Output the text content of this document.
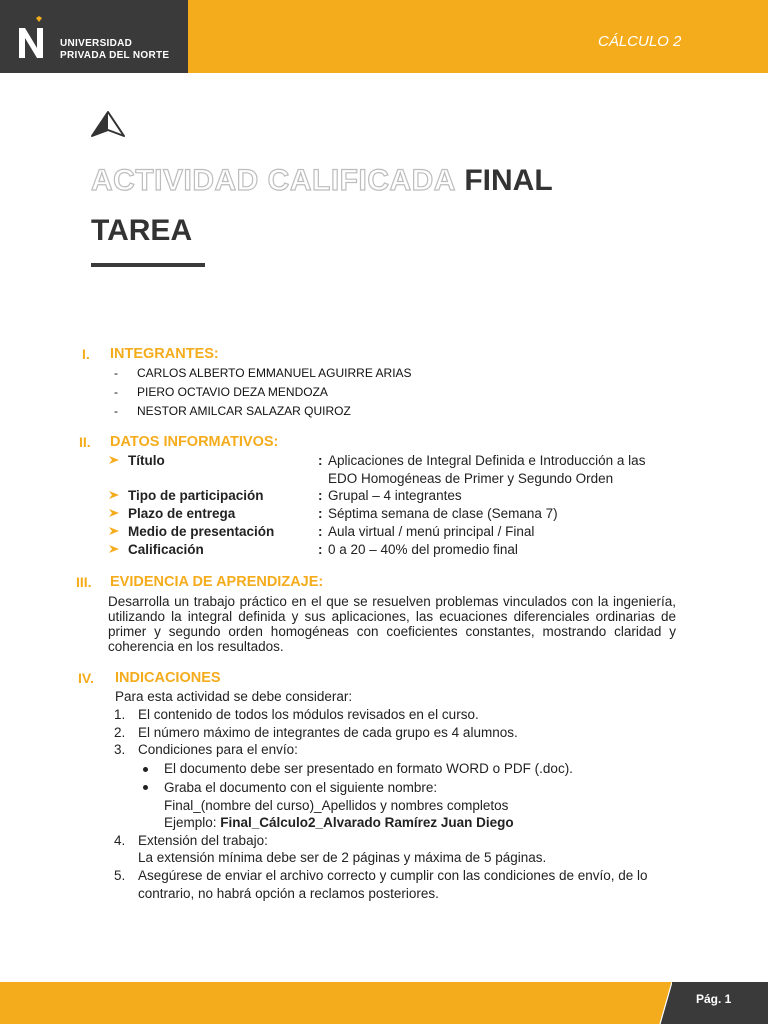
UNIVERSIDAD
PRIVADA DEL NORTE
CÁLCULO 2
ACTIVIDAD CALIFICADA FINAL
TAREA
I. INTEGRANTES:
- CARLOS ALBERTO EMMANUEL AGUIRRE ARIAS
- PIERO OCTAVIO DEZA MENDOZA
- NESTOR AMILCAR SALAZAR QUIROZ
II. DATOS INFORMATIVOS:
Título	: Aplicaciones de Integral Definida e Introducción a las
EDO Homogéneas de Primer y Segundo Orden
Tipo de participación	: Grupal – 4 integrantes
Plazo de entrega	: Séptima semana de clase (Semana 7)
Medio de presentación	: Aula virtual / menú principal / Final
Calificación	: 0 a 20 – 40% del promedio final
III. EVIDENCIA DE APRENDIZAJE:
Desarrolla un trabajo práctico en el que se resuelven problemas vinculados con la ingeniería, utilizando la integral definida y sus aplicaciones, las ecuaciones diferenciales ordinarias de primer y segundo orden homogéneas con coeficientes constantes, mostrando claridad y coherencia en los resultados.
IV. INDICACIONES
Para esta actividad se debe considerar:
1. El contenido de todos los módulos revisados en el curso.
2. El número máximo de integrantes de cada grupo es 4 alumnos.
3. Condiciones para el envío:
El documento debe ser presentado en formato WORD o PDF (.doc).
Graba el documento con el siguiente nombre:
Final_(nombre del curso)_Apellidos y nombres completos
Ejemplo: Final_Cálculo2_Alvarado Ramírez Juan Diego
4. Extensión del trabajo:
La extensión mínima debe ser de 2 páginas y máxima de 5 páginas.
5. Asegúrese de enviar el archivo correcto y cumplir con las condiciones de envío, de lo
contrario, no habrá opción a reclamos posteriores.
Pág. 1
